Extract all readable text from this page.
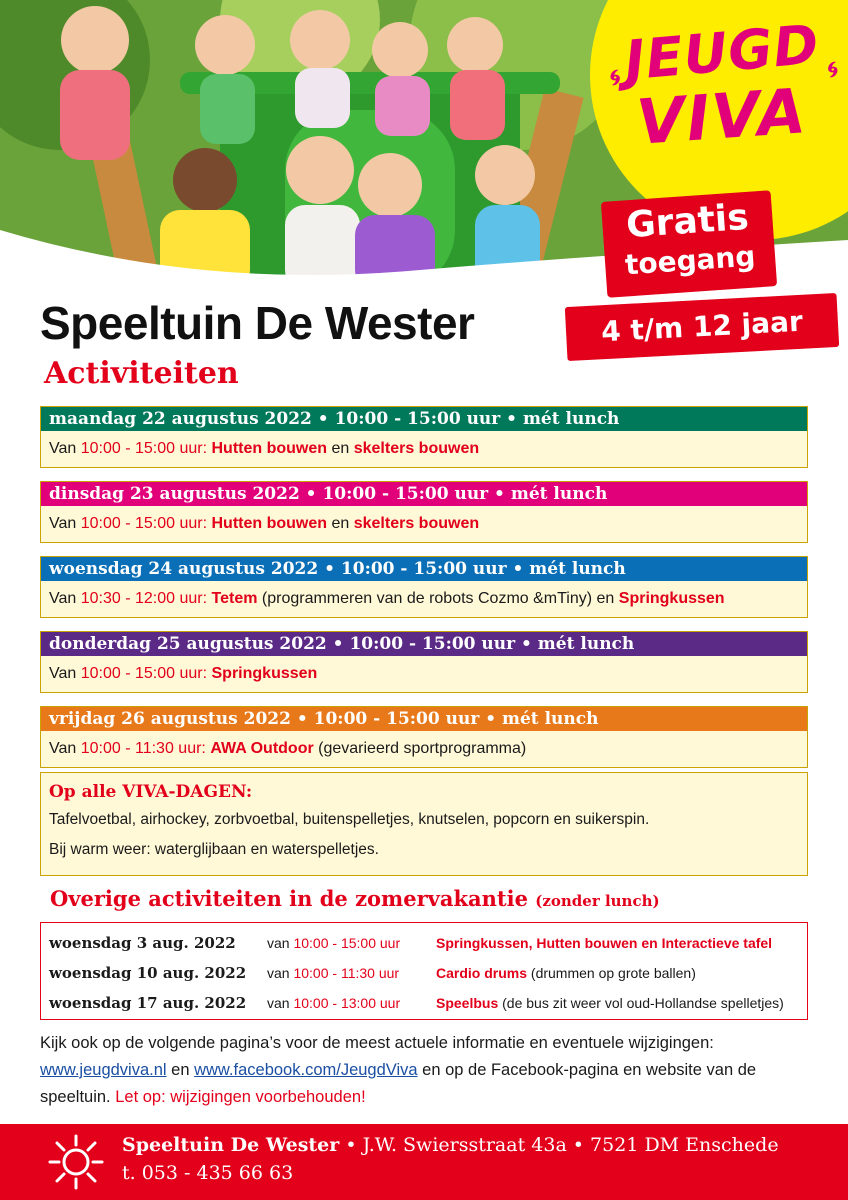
JEUGD
VIVA
🌀︎	🌀︎
Gratis
toegang
4 t/m 12 jaar
Speeltuin De Wester
Activiteiten
maandag 22 augustus 2022 • 10:00 - 15:00 uur • mét lunch
Van 10:00 - 15:00 uur: Hutten bouwen en skelters bouwen
dinsdag 23 augustus 2022 • 10:00 - 15:00 uur • mét lunch
Van 10:00 - 15:00 uur: Hutten bouwen en skelters bouwen
woensdag 24 augustus 2022 • 10:00 - 15:00 uur • mét lunch
Van 10:30 - 12:00 uur: Tetem (programmeren van de robots Cozmo &mTiny) en Springkussen
donderdag 25 augustus 2022 • 10:00 - 15:00 uur • mét lunch
Van 10:00 - 15:00 uur: Springkussen
vrijdag 26 augustus 2022 • 10:00 - 15:00 uur • mét lunch
Van 10:00 - 11:30 uur: AWA Outdoor (gevarieerd sportprogramma)
Op alle VIVA-DAGEN:
Tafelvoetbal, airhockey, zorbvoetbal, buitenspelletjes, knutselen, popcorn en suikerspin.
Bij warm weer: waterglijbaan en waterspelletjes.
Overige activiteiten in de zomervakantie (zonder lunch)
woensdag 3 aug. 2022 van 10:00 - 15:00 uur	Springkussen, Hutten bouwen en Interactieve tafel
woensdag 10 aug. 2022 van 10:00 - 11:30 uur	Cardio drums (drummen op grote ballen)
woensdag 17 aug. 2022 van 10:00 - 13:00 uur	Speelbus (de bus zit weer vol oud-Hollandse spelletjes)

Kijk ook op de volgende pagina’s voor de meest actuele informatie en eventuele wijzigingen:
www.jeugdviva.nl en www.facebook.com/JeugdViva en op de Facebook-pagina en website van de speeltuin. Let op: wijzigingen voorbehouden!

Speeltuin De Wester • J.W. Swiersstraat 43a • 7521 DM Enschede
t. 053 - 435 66 63
